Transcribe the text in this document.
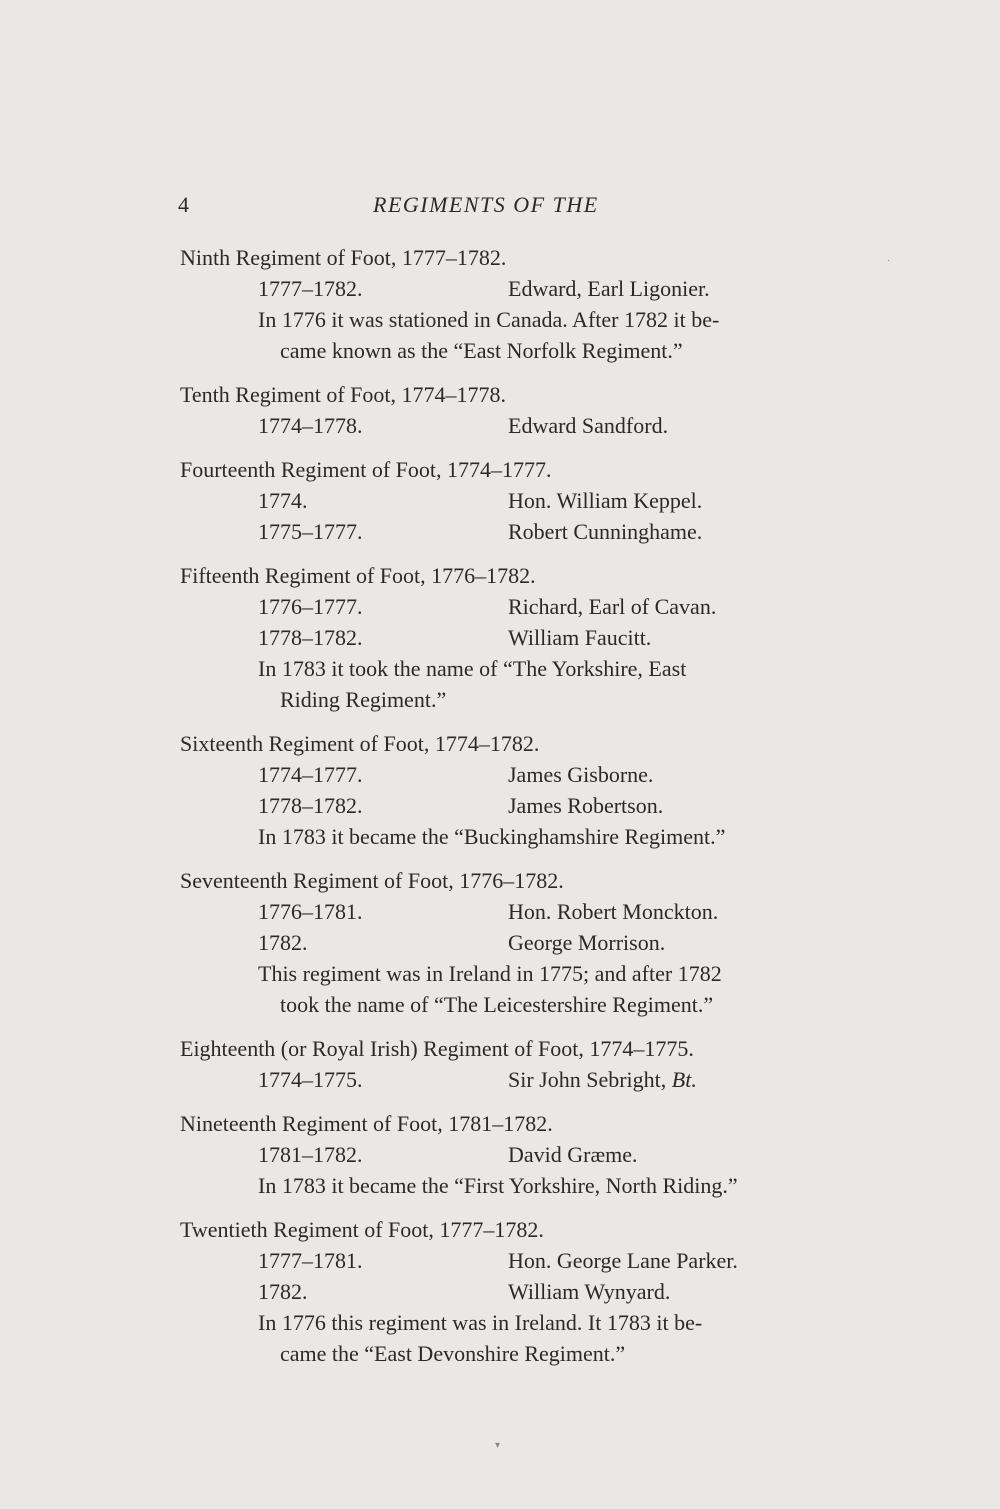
4	REGIMENTS OF THE
Ninth Regiment of Foot, 1777–1782.
1777–1782.	Edward, Earl Ligonier.
In 1776 it was stationed in Canada. After 1782 it be-
came known as the “East Norfolk Regiment.”
Tenth Regiment of Foot, 1774–1778.
1774–1778.	Edward Sandford.
Fourteenth Regiment of Foot, 1774–1777.
1774.	Hon. William Keppel.
1775–1777.	Robert Cunninghame.
Fifteenth Regiment of Foot, 1776–1782.
1776–1777.	Richard, Earl of Cavan.
1778–1782.	William Faucitt.
In 1783 it took the name of “The Yorkshire, East
Riding Regiment.”
Sixteenth Regiment of Foot, 1774–1782.
1774–1777.	James Gisborne.
1778–1782.	James Robertson.
In 1783 it became the “Buckinghamshire Regiment.”
Seventeenth Regiment of Foot, 1776–1782.
1776–1781.	Hon. Robert Monckton.
1782.	George Morrison.
This regiment was in Ireland in 1775; and after 1782
took the name of “The Leicestershire Regiment.”
Eighteenth (or Royal Irish) Regiment of Foot, 1774–1775.
1774–1775.	Sir John Sebright, Bt.
Nineteenth Regiment of Foot, 1781–1782.
1781–1782.	David Græme.
In 1783 it became the “First Yorkshire, North Riding.”
Twentieth Regiment of Foot, 1777–1782.
1777–1781.	Hon. George Lane Parker.
1782.	William Wynyard.
In 1776 this regiment was in Ireland. It 1783 it be-
came the “East Devonshire Regiment.”
·
▾
